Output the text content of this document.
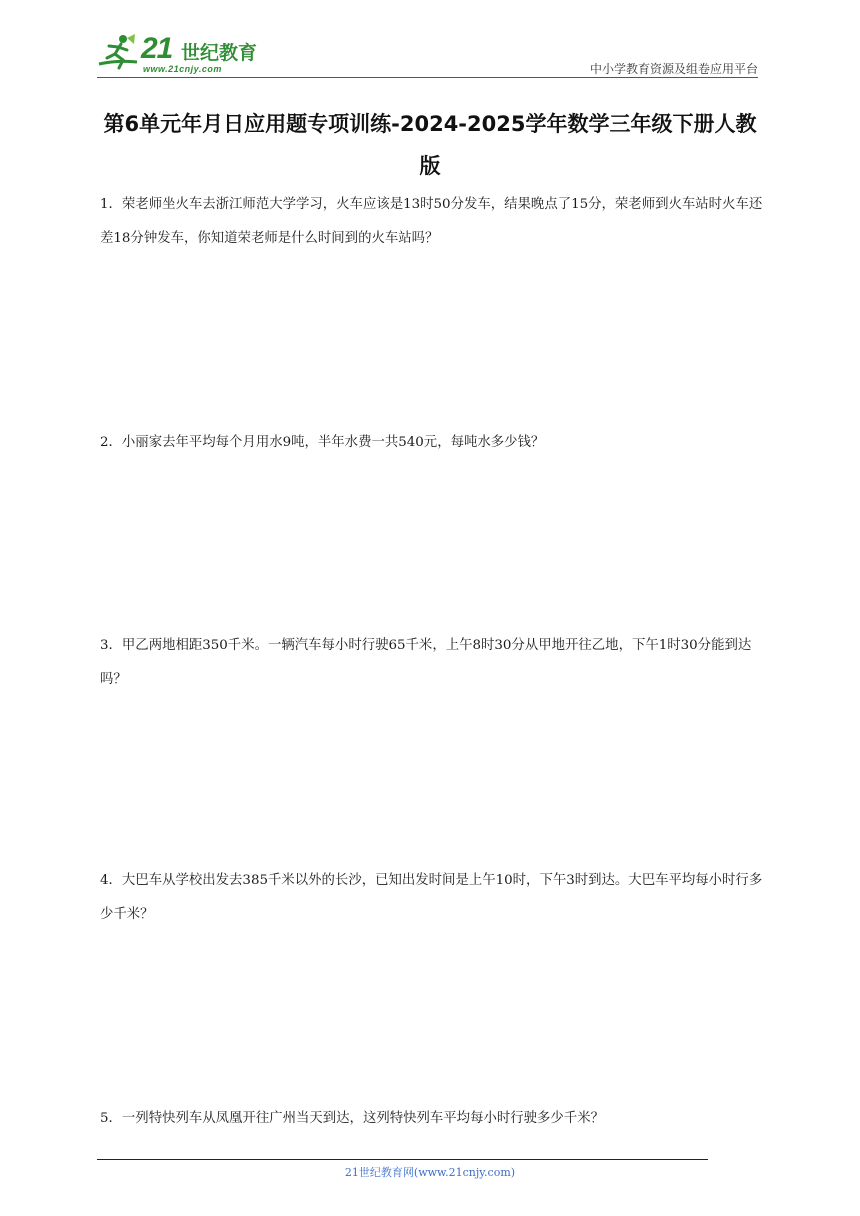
21 世纪教育
www.21cnjy.com	中小学教育资源及组卷应用平台
第6单元年月日应用题专项训练-2024-2025学年数学三年级下册人教版
1．荣老师坐火车去浙江师范大学学习，火车应该是13时50分发车，结果晚点了15分，荣老师到火车站时火车还差18分钟发车，你知道荣老师是什么时间到的火车站吗？
2．小丽家去年平均每个月用水9吨，半年水费一共540元，每吨水多少钱？
3．甲乙两地相距350千米。一辆汽车每小时行驶65千米，上午8时30分从甲地开往乙地，下午1时30分能到达吗？
4．大巴车从学校出发去385千米以外的长沙，已知出发时间是上午10时，下午3时到达。大巴车平均每小时行多少千米？
5．一列特快列车从凤凰开往广州当天到达，这列特快列车平均每小时行驶多少千米？
21世纪教育网(www.21cnjy.com)
